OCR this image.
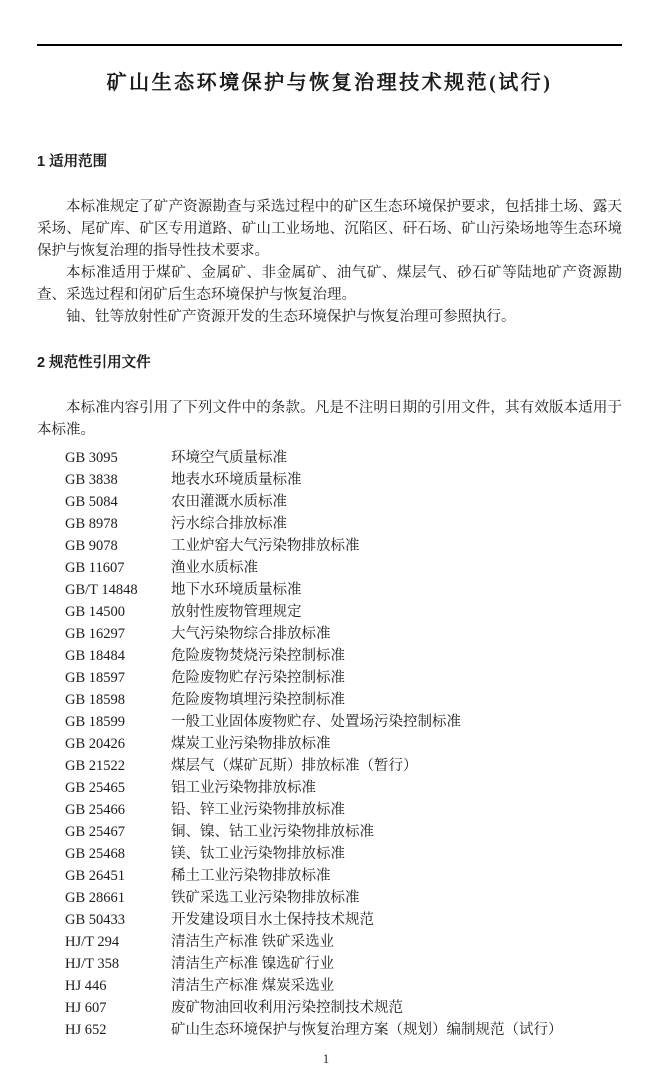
矿山生态环境保护与恢复治理技术规范(试行)
1 适用范围

本标准规定了矿产资源勘查与采选过程中的矿区生态环境保护要求，包括排土场、露天采场、尾矿库、矿区专用道路、矿山工业场地、沉陷区、矸石场、矿山污染场地等生态环境保护与恢复治理的指导性技术要求。

本标准适用于煤矿、金属矿、非金属矿、油气矿、煤层气、砂石矿等陆地矿产资源勘查、采选过程和闭矿后生态环境保护与恢复治理。

铀、钍等放射性矿产资源开发的生态环境保护与恢复治理可参照执行。

2 规范性引用文件

本标准内容引用了下列文件中的条款。凡是不注明日期的引用文件，其有效版本适用于本标准。

GB 3095	环境空气质量标准
GB 3838	地表水环境质量标准
GB 5084	农田灌溉水质标准
GB 8978	污水综合排放标准
GB 9078	工业炉窑大气污染物排放标准
GB 11607	渔业水质标准
GB/T 14848	地下水环境质量标准
GB 14500	放射性废物管理规定
GB 16297	大气污染物综合排放标准
GB 18484	危险废物焚烧污染控制标准
GB 18597	危险废物贮存污染控制标准
GB 18598	危险废物填埋污染控制标准
GB 18599	一般工业固体废物贮存、处置场污染控制标准
GB 20426	煤炭工业污染物排放标准
GB 21522	煤层气（煤矿瓦斯）排放标准（暂行）
GB 25465	铝工业污染物排放标准
GB 25466	铅、锌工业污染物排放标准
GB 25467	铜、镍、钴工业污染物排放标准
GB 25468	镁、钛工业污染物排放标准
GB 26451	稀土工业污染物排放标准
GB 28661	铁矿采选工业污染物排放标准
GB 50433	开发建设项目水土保持技术规范
HJ/T 294	清洁生产标准 铁矿采选业
HJ/T 358	清洁生产标准 镍选矿行业
HJ 446	清洁生产标准 煤炭采选业
HJ 607	废矿物油回收利用污染控制技术规范
HJ 652	矿山生态环境保护与恢复治理方案（规划）编制规范（试行）
1
